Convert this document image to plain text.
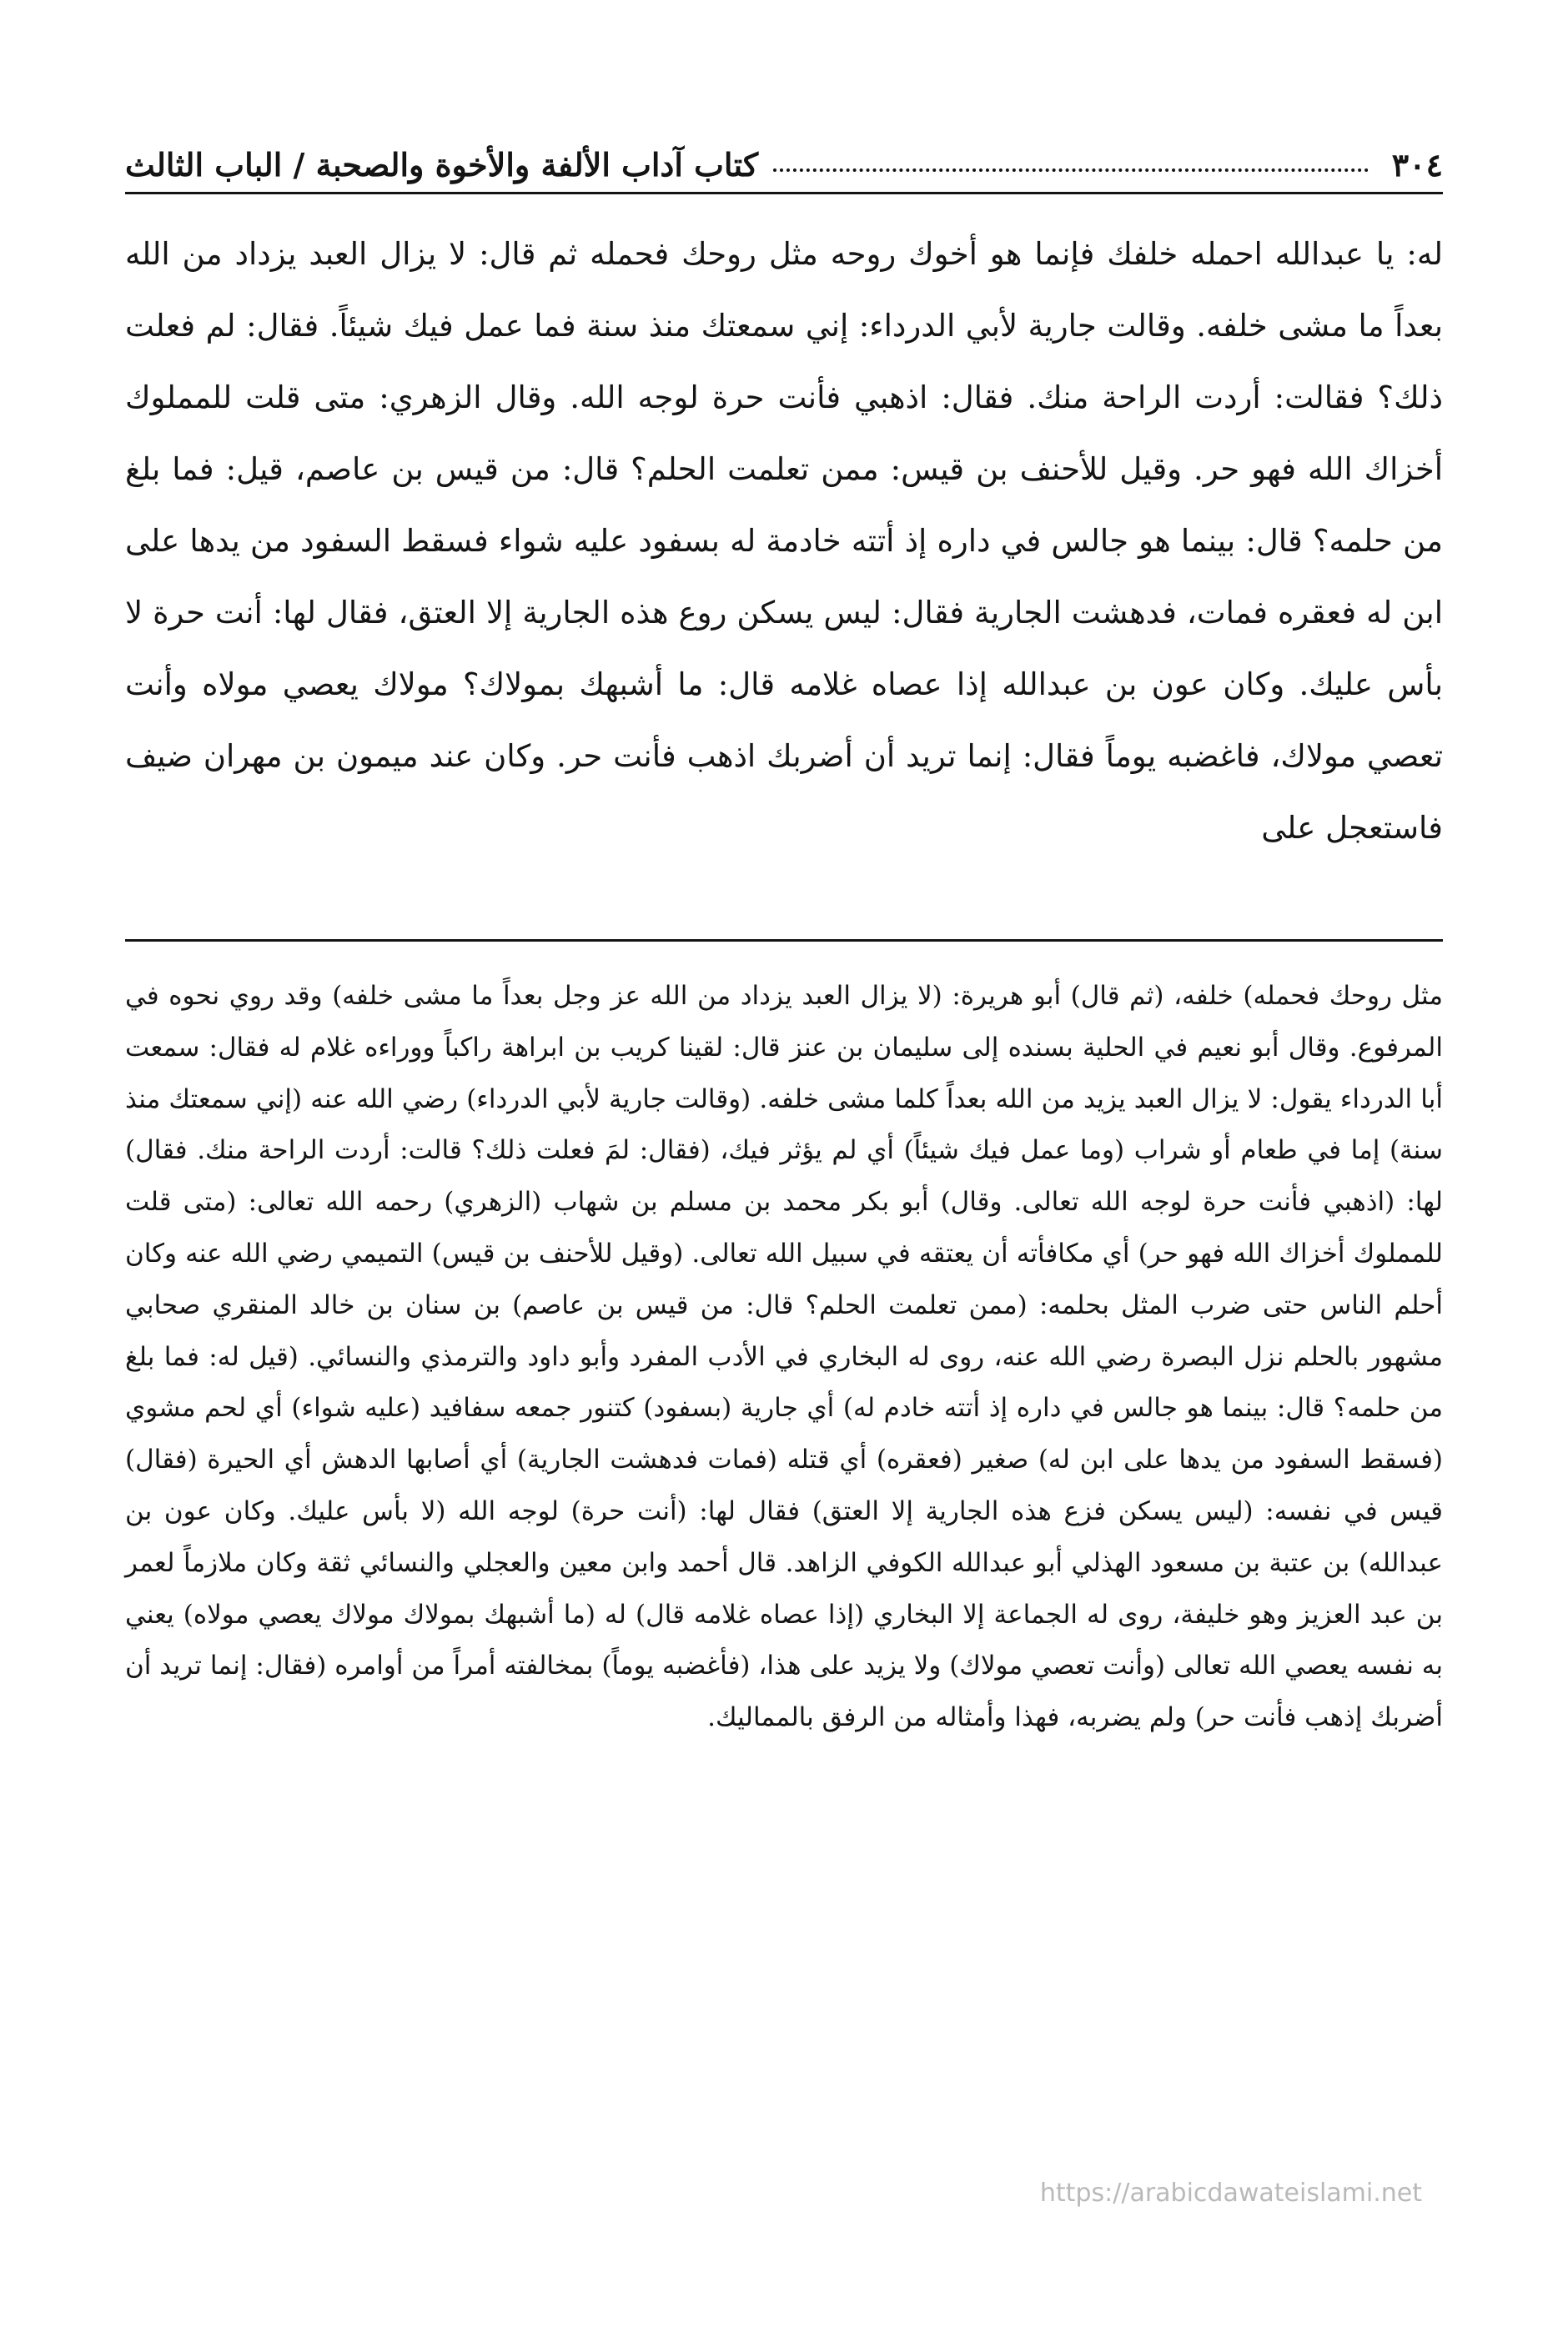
٣٠٤
كتاب آداب الألفة والأخوة والصحبة / الباب الثالث

له: يا عبدالله احمله خلفك فإنما هو أخوك روحه مثل روحك فحمله ثم قال: لا يزال العبد يزداد من الله بعداً ما مشى خلفه. وقالت جارية لأبي الدرداء: إني سمعتك منذ سنة فما عمل فيك شيئاً. فقال: لم فعلت ذلك؟ فقالت: أردت الراحة منك. فقال: اذهبي فأنت حرة لوجه الله. وقال الزهري: متى قلت للمملوك أخزاك الله فهو حر. وقيل للأحنف بن قيس: ممن تعلمت الحلم؟ قال: من قيس بن عاصم، قيل: فما بلغ من حلمه؟ قال: بينما هو جالس في داره إذ أتته خادمة له بسفود عليه شواء فسقط السفود من يدها على ابن له فعقره فمات، فدهشت الجارية فقال: ليس يسكن روع هذه الجارية إلا العتق، فقال لها: أنت حرة لا بأس عليك. وكان عون بن عبدالله إذا عصاه غلامه قال: ما أشبهك بمولاك؟ مولاك يعصي مولاه وأنت تعصي مولاك، فاغضبه يوماً فقال: إنما تريد أن أضربك اذهب فأنت حر. وكان عند ميمون بن مهران ضيف فاستعجل على

مثل روحك فحمله) خلفه، (ثم قال) أبو هريرة: (لا يزال العبد يزداد من الله عز وجل بعداً ما مشى خلفه) وقد روي نحوه في المرفوع. وقال أبو نعيم في الحلية بسنده إلى سليمان بن عنز قال: لقينا كريب بن ابراهة راكباً ووراءه غلام له فقال: سمعت أبا الدرداء يقول: لا يزال العبد يزيد من الله بعداً كلما مشى خلفه. (وقالت جارية لأبي الدرداء) رضي الله عنه (إني سمعتك منذ سنة) إما في طعام أو شراب (وما عمل فيك شيئاً) أي لم يؤثر فيك، (فقال: لمَ فعلت ذلك؟ قالت: أردت الراحة منك. فقال) لها: (اذهبي فأنت حرة لوجه الله تعالى. وقال) أبو بكر محمد بن مسلم بن شهاب (الزهري) رحمه الله تعالى: (متى قلت للمملوك أخزاك الله فهو حر) أي مكافأته أن يعتقه في سبيل الله تعالى. (وقيل للأحنف بن قيس) التميمي رضي الله عنه وكان أحلم الناس حتى ضرب المثل بحلمه: (ممن تعلمت الحلم؟ قال: من قيس بن عاصم) بن سنان بن خالد المنقري صحابي مشهور بالحلم نزل البصرة رضي الله عنه، روى له البخاري في الأدب المفرد وأبو داود والترمذي والنسائي. (قيل له: فما بلغ من حلمه؟ قال: بينما هو جالس في داره إذ أتته خادم له) أي جارية (بسفود) كتنور جمعه سفافيد (عليه شواء) أي لحم مشوي (فسقط السفود من يدها على ابن له) صغير (فعقره) أي قتله (فمات فدهشت الجارية) أي أصابها الدهش أي الحيرة (فقال) قيس في نفسه: (ليس يسكن فزع هذه الجارية إلا العتق) فقال لها: (أنت حرة) لوجه الله (لا بأس عليك. وكان عون بن عبدالله) بن عتبة بن مسعود الهذلي أبو عبدالله الكوفي الزاهد. قال أحمد وابن معين والعجلي والنسائي ثقة وكان ملازماً لعمر بن عبد العزيز وهو خليفة، روى له الجماعة إلا البخاري (إذا عصاه غلامه قال) له (ما أشبهك بمولاك مولاك يعصي مولاه) يعني به نفسه يعصي الله تعالى (وأنت تعصي مولاك) ولا يزيد على هذا، (فأغضبه يوماً) بمخالفته أمراً من أوامره (فقال: إنما تريد أن أضربك إذهب فأنت حر) ولم يضربه، فهذا وأمثاله من الرفق بالمماليك.

https://arabicdawateislami.net
